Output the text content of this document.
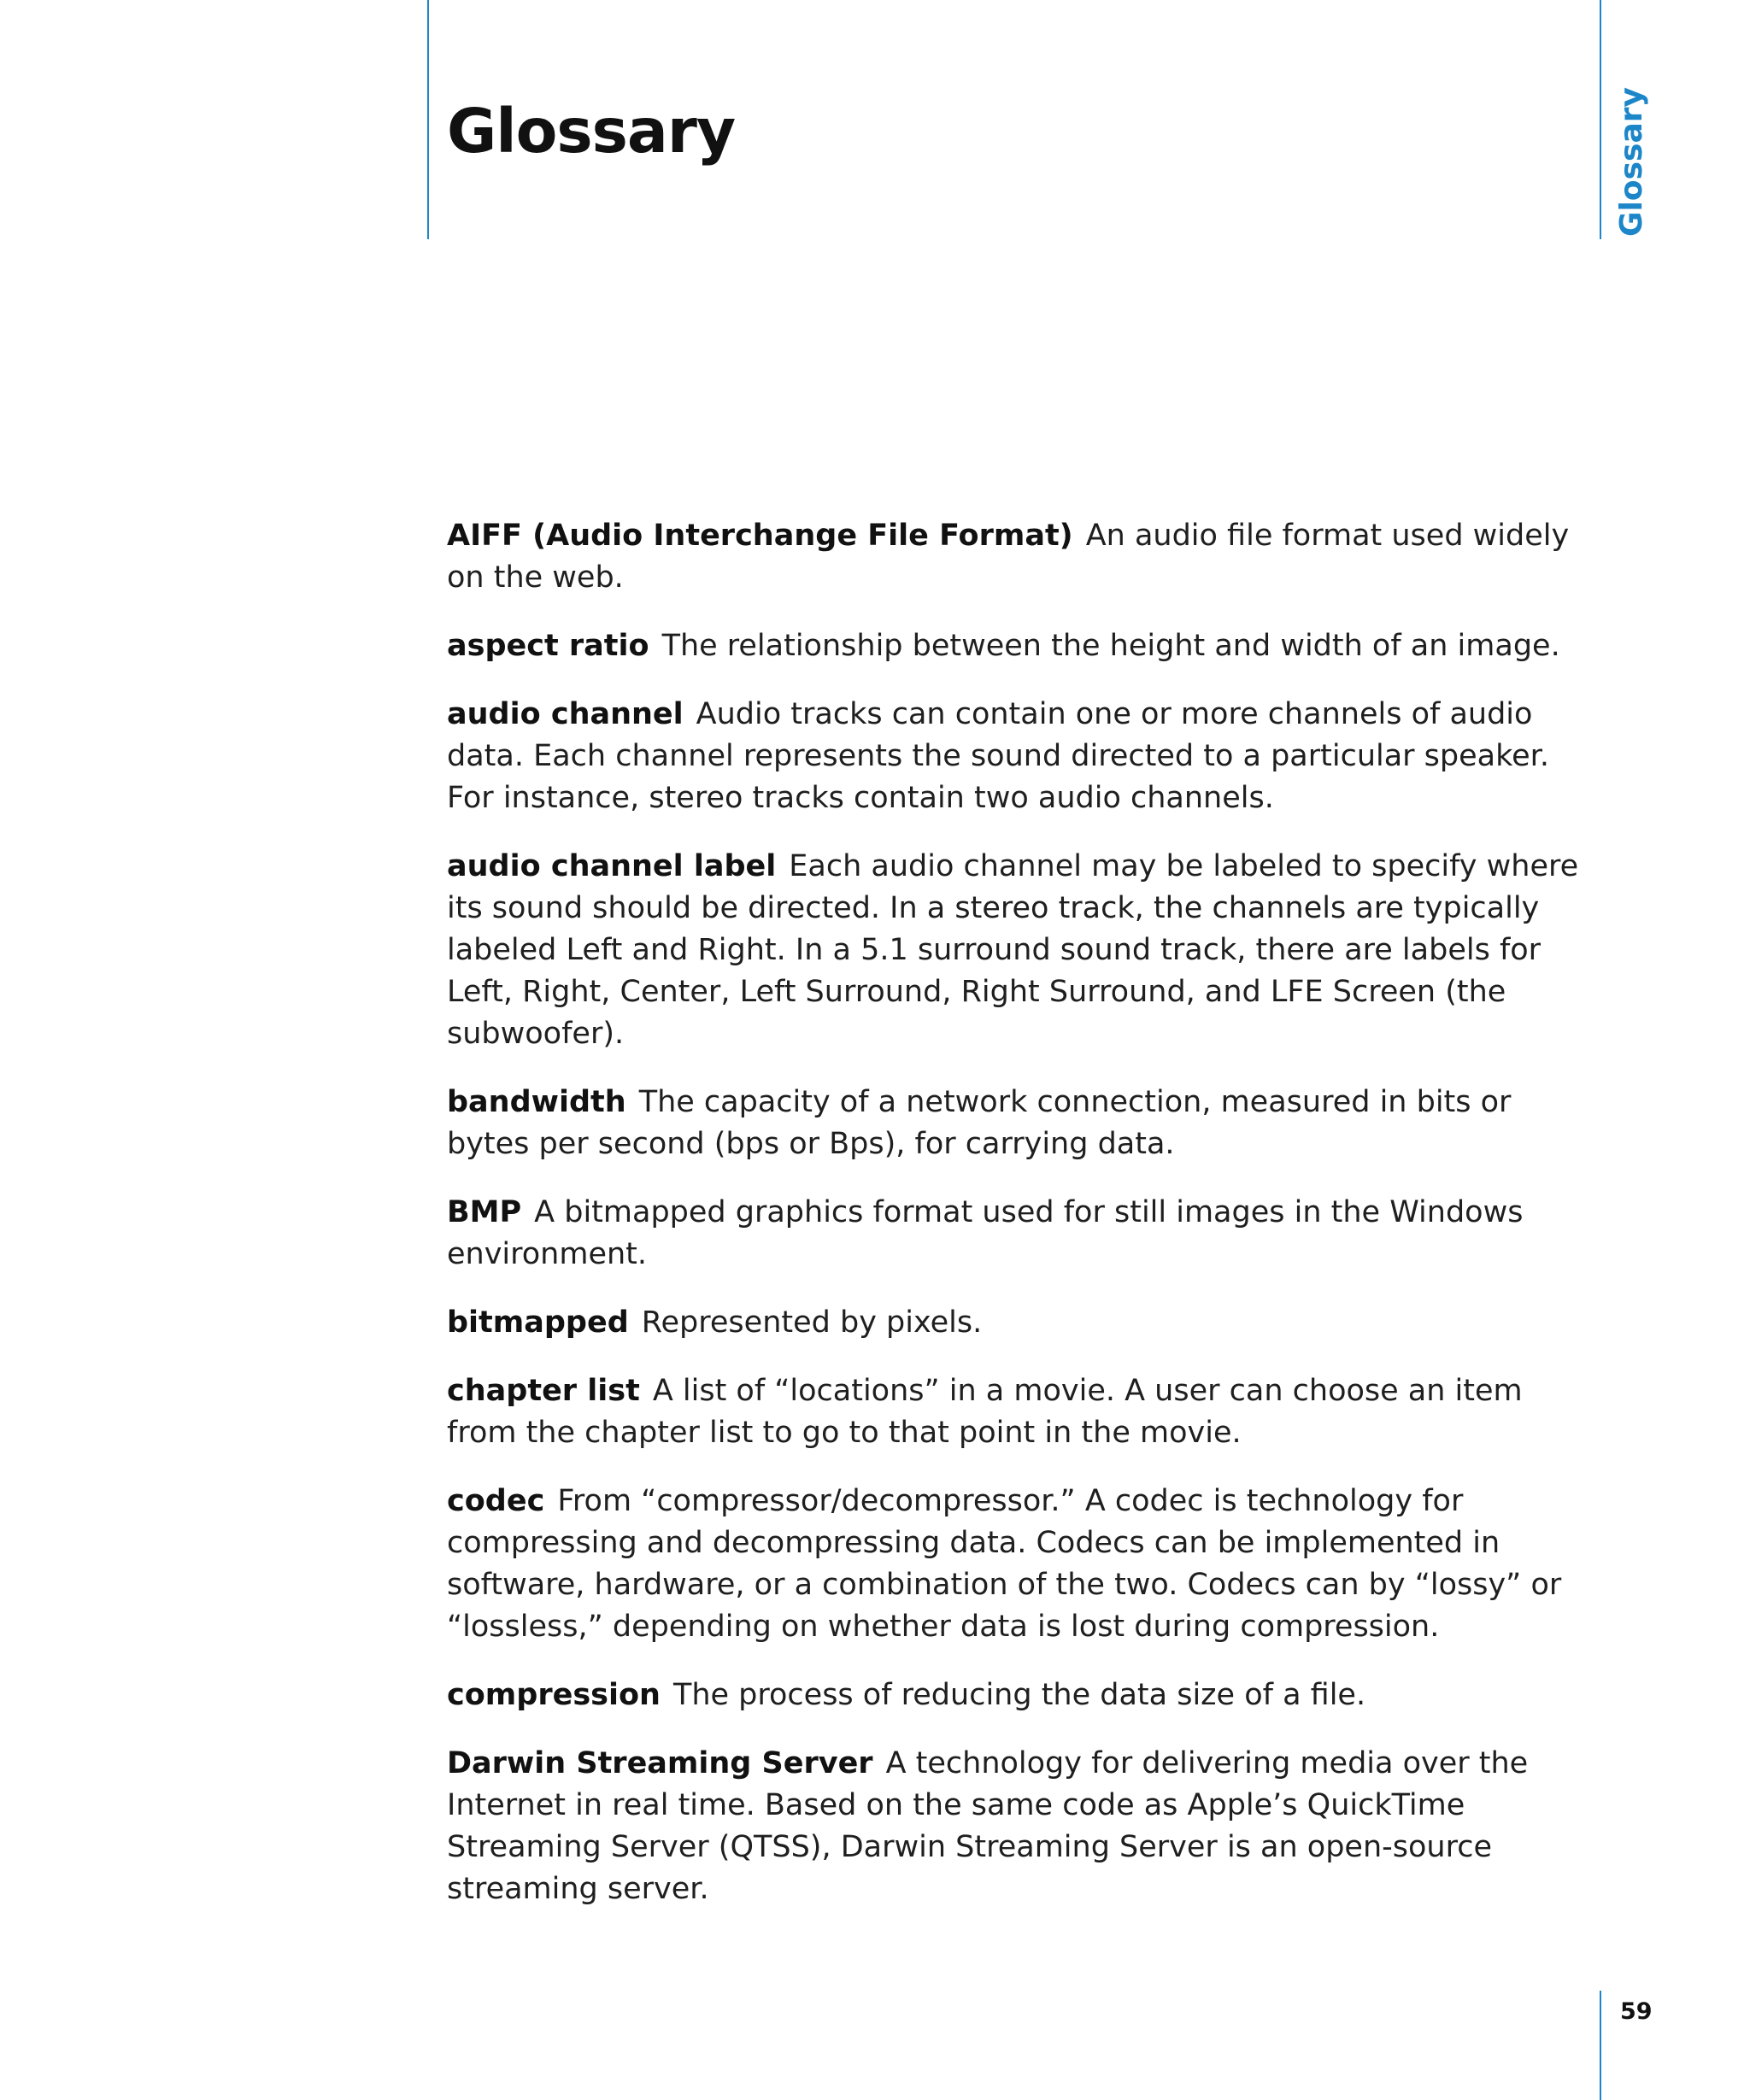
Glossary	Glossary
AIFF (Audio Interchange File Format) An audio file format used widely on the web.
aspect ratio The relationship between the height and width of an image.
audio channel Audio tracks can contain one or more channels of audio data. Each channel represents the sound directed to a particular speaker. For instance, stereo tracks contain two audio channels.
audio channel label Each audio channel may be labeled to specify where its sound should be directed. In a stereo track, the channels are typically labeled Left and Right. In a 5.1 surround sound track, there are labels for Left, Right, Center, Left Surround, Right Surround, and LFE Screen (the subwoofer).
bandwidth The capacity of a network connection, measured in bits or bytes per second (bps or Bps), for carrying data.
BMP A bitmapped graphics format used for still images in the Windows environment.
bitmapped Represented by pixels.
chapter list A list of “locations” in a movie. A user can choose an item from the chapter list to go to that point in the movie.
codec From “compressor/decompressor.” A codec is technology for compressing and decompressing data. Codecs can be implemented in software, hardware, or a combination of the two. Codecs can by “lossy” or “lossless,” depending on whether data is lost during compression.
compression The process of reducing the data size of a file.
Darwin Streaming Server A technology for delivering media over the Internet in real time. Based on the same code as Apple’s QuickTime Streaming Server (QTSS), Darwin Streaming Server is an open-source streaming server.
59
